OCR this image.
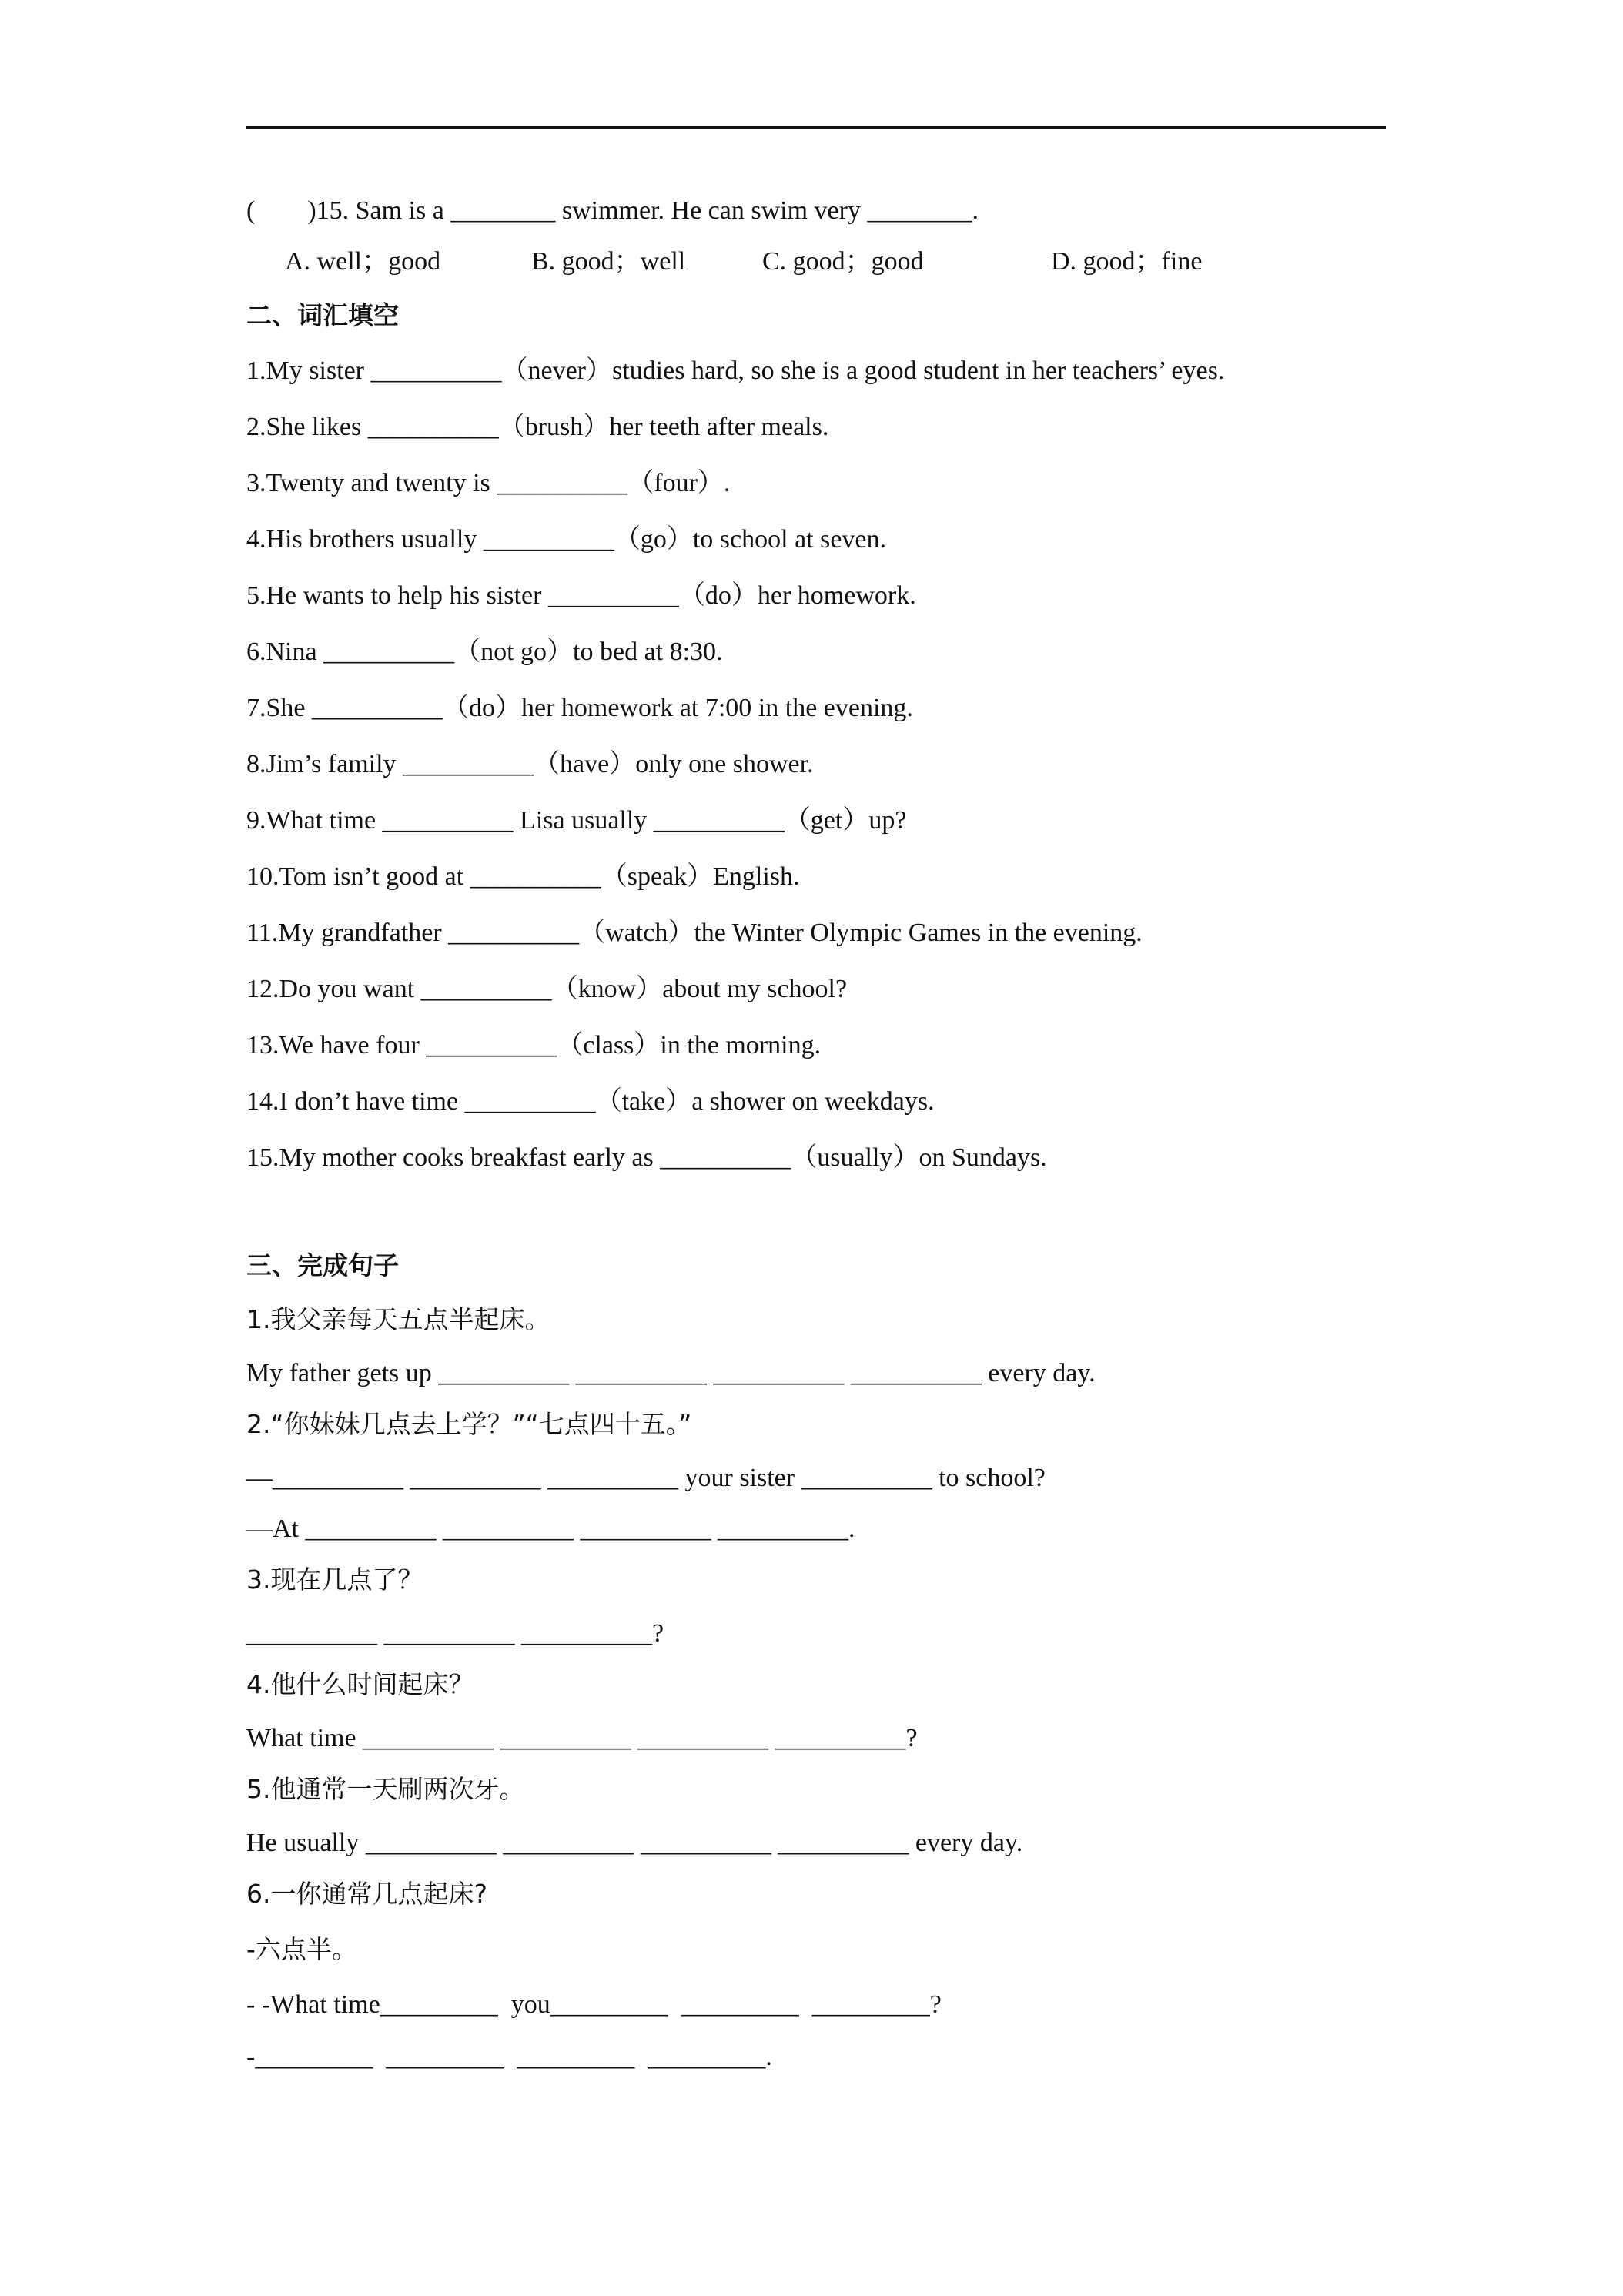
(        )15. Sam is a ________ swimmer. He can swim very ________.
A. well；good	B. good；well	C. good；good	D. good；fine
二、词汇填空
1.My sister __________（never）studies hard, so she is a good student in her teachers’ eyes.
2.She likes __________（brush）her teeth after meals.
3.Twenty and twenty is __________（four）.
4.His brothers usually __________（go）to school at seven.
5.He wants to help his sister __________（do）her homework.
6.Nina __________（not go）to bed at 8:30.
7.She __________（do）her homework at 7:00 in the evening.
8.Jim’s family __________（have）only one shower.
9.What time __________ Lisa usually __________（get）up?
10.Tom isn’t good at __________（speak）English.
11.My grandfather __________（watch）the Winter Olympic Games in the evening.
12.Do you want __________（know）about my school?
13.We have four __________（class）in the morning.
14.I don’t have time __________（take）a shower on weekdays.
15.My mother cooks breakfast early as __________（usually）on Sundays.
三、完成句子
1.我父亲每天五点半起床。
My father gets up __________ __________ __________ __________ every day.
2.“你妹妹几点去上学？”“七点四十五。”
—__________ __________ __________ your sister __________ to school?
—At __________ __________ __________ __________.
3.现在几点了？
__________ __________ __________?
4.他什么时间起床？
What time __________ __________ __________ __________?
5.他通常一天刷两次牙。
He usually __________ __________ __________ __________ every day.
6.一你通常几点起床?
-六点半。
- -What time_________  you_________  _________  _________?
-_________  _________  _________  _________.
